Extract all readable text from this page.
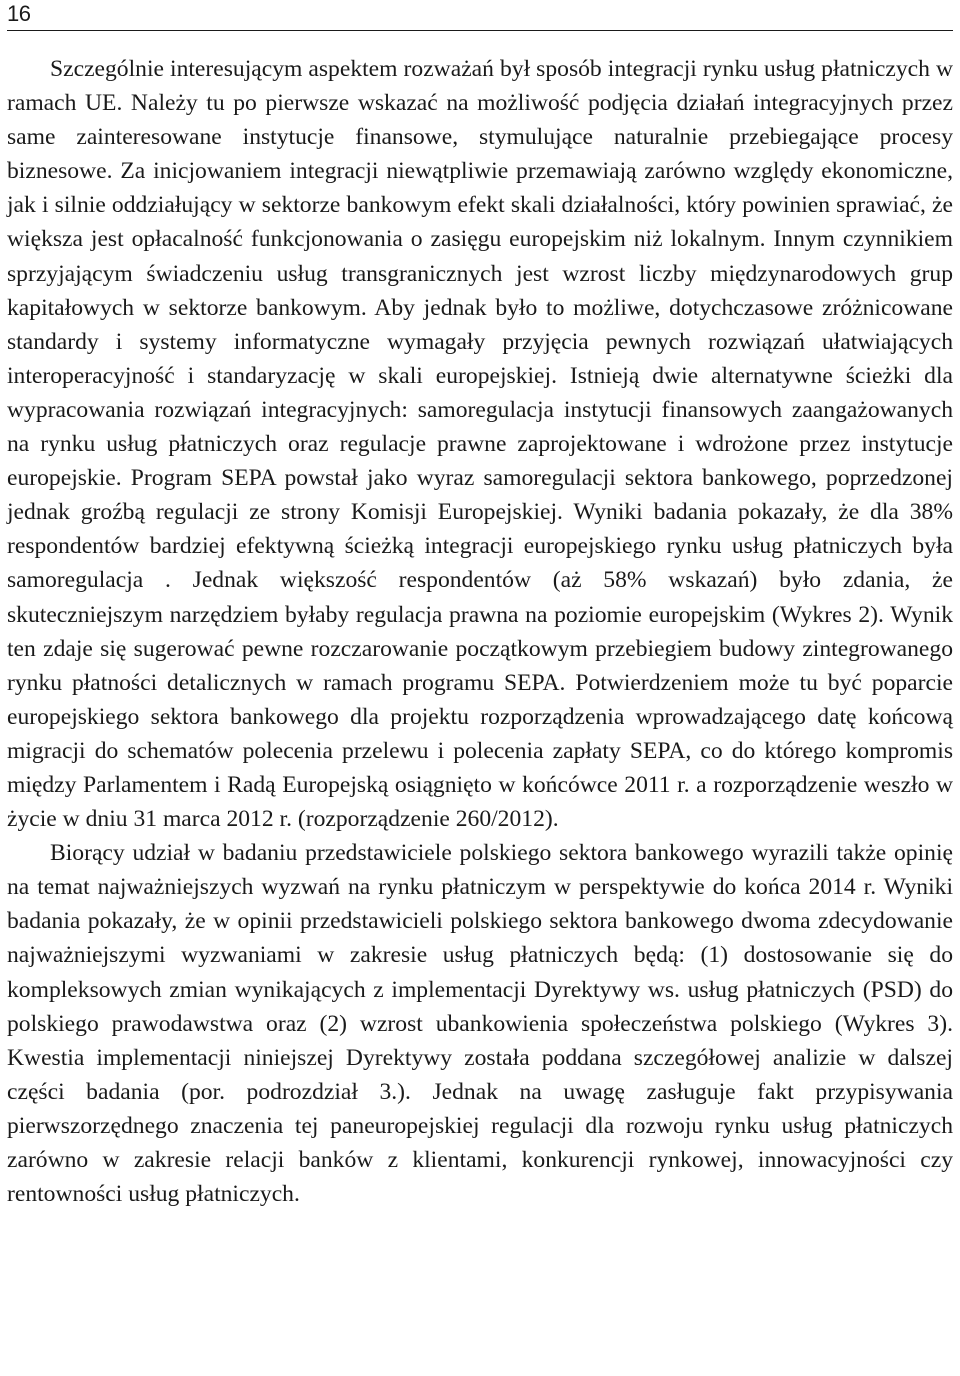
16

Szczególnie interesującym aspektem rozważań był sposób integracji rynku usług płatniczych w ramach UE. Należy tu po pierwsze wskazać na możliwość podjęcia działań integracyjnych przez same zainteresowane instytucje finansowe, stymulujące naturalnie przebiegające procesy biznesowe. Za inicjowaniem integracji niewątpliwie przemawiają zarówno względy ekonomiczne, jak i silnie oddziałujący w sektorze bankowym efekt skali działalności, który powinien sprawiać, że większa jest opłacalność funkcjonowania o zasięgu europejskim niż lokalnym. Innym czynnikiem sprzyjającym świadczeniu usług transgranicznych jest wzrost liczby międzynarodowych grup kapitałowych w sektorze bankowym. Aby jednak było to możliwe, dotychczasowe zróżnicowane standardy i systemy informatyczne wymagały przyjęcia pewnych rozwiązań ułatwiających interoperacyjność i standaryzację w skali europejskiej. Istnieją dwie alternatywne ścieżki dla wypracowania rozwiązań integracyjnych: samoregulacja instytucji finansowych zaangażowanych na rynku usług płatniczych oraz regulacje prawne zaprojektowane i wdrożone przez instytucje europejskie. Program SEPA powstał jako wyraz samoregulacji sektora bankowego, poprzedzonej jednak groźbą regulacji ze strony Komisji Europejskiej. Wyniki badania pokazały, że dla 38% respondentów bardziej efektywną ścieżką integracji europejskiego rynku usług płatniczych była samoregulacja . Jednak większość respondentów (aż 58% wskazań) było zdania, że skuteczniejszym narzędziem byłaby regulacja prawna na poziomie europejskim (Wykres 2). Wynik ten zdaje się sugerować pewne rozczarowanie początkowym przebiegiem budowy zintegrowanego rynku płatności detalicznych w ramach programu SEPA. Potwierdzeniem może tu być poparcie europejskiego sektora bankowego dla projektu rozporządzenia wprowadzającego datę końcową migracji do schematów polecenia przelewu i polecenia zapłaty SEPA, co do którego kompromis między Parlamentem i Radą Europejską osiągnięto w końcówce 2011 r. a rozporządzenie weszło w życie w dniu 31 marca 2012 r. (rozporządzenie 260/2012).

Biorący udział w badaniu przedstawiciele polskiego sektora bankowego wyrazili także opinię na temat najważniejszych wyzwań na rynku płatniczym w perspektywie do końca 2014 r. Wyniki badania pokazały, że w opinii przedstawicieli polskiego sektora bankowego dwoma zdecydowanie najważniejszymi wyzwaniami w zakresie usług płatniczych będą: (1) dostosowanie się do kompleksowych zmian wynikających z implementacji Dyrektywy ws. usług płatniczych (PSD) do polskiego prawodawstwa oraz (2) wzrost ubankowienia społeczeństwa polskiego (Wykres 3). Kwestia implementacji niniejszej Dyrektywy została poddana szczegółowej analizie w dalszej części badania (por. podrozdział 3.). Jednak na uwagę zasługuje fakt przypisywania pierwszorzędnego znaczenia tej paneuropejskiej regulacji dla rozwoju rynku usług płatniczych zarówno w zakresie relacji banków z klientami, konkurencji rynkowej, innowacyjności czy rentowności usług płatniczych.
